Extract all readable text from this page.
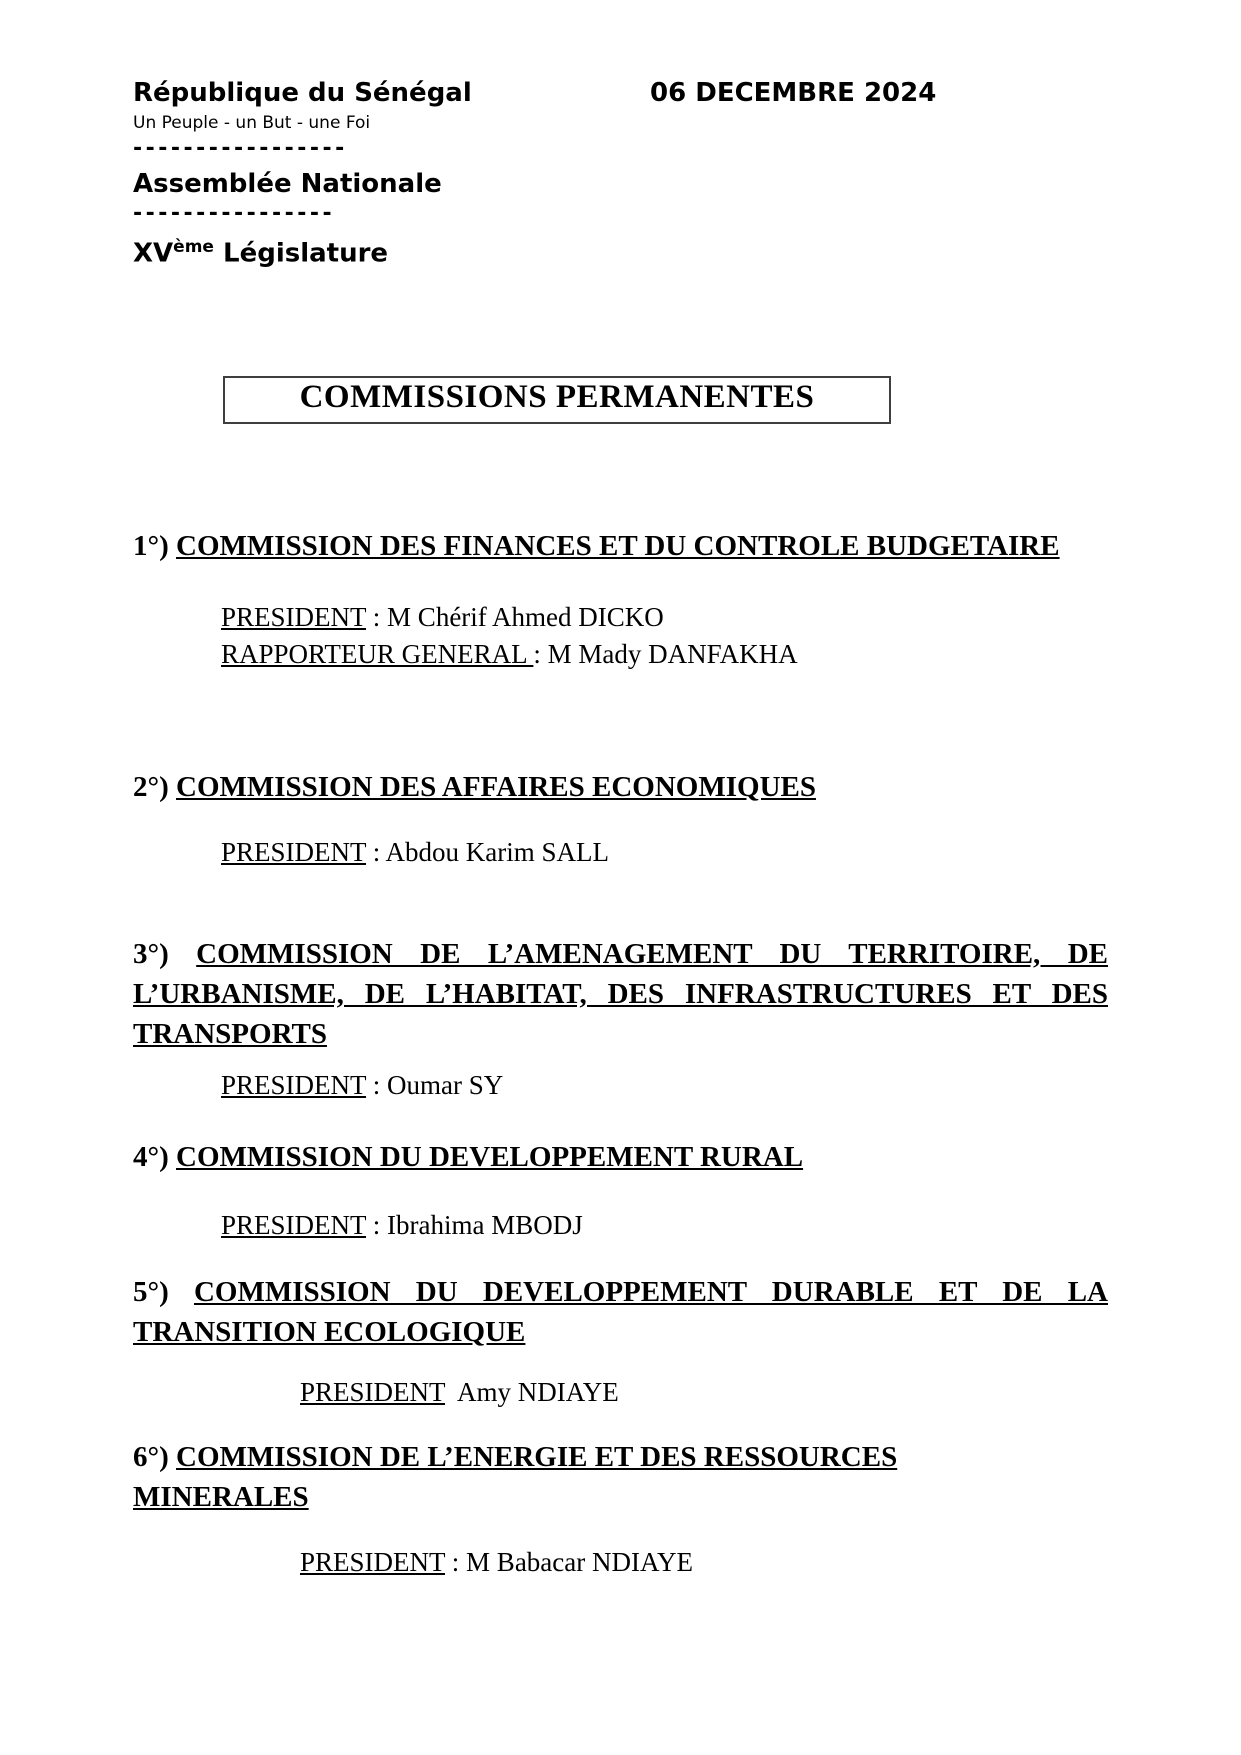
République du Sénégal	06 DECEMBRE 2024
Un Peuple - un But - une Foi
-----------------
Assemblée Nationale
----------------
XVème Législature
COMMISSIONS PERMANENTES
1°) COMMISSION DES FINANCES ET DU CONTROLE BUDGETAIRE
PRESIDENT : M Chérif Ahmed DICKO
RAPPORTEUR GENERAL : M Mady DANFAKHA
2°) COMMISSION DES AFFAIRES ECONOMIQUES
PRESIDENT : Abdou Karim SALL
3°) COMMISSION DE L’AMENAGEMENT DU TERRITOIRE, DE
L’URBANISME, DE L’HABITAT, DES INFRASTRUCTURES ET DES
TRANSPORTS
PRESIDENT : Oumar SY
4°) COMMISSION DU DEVELOPPEMENT RURAL
PRESIDENT : Ibrahima MBODJ
5°) COMMISSION DU DEVELOPPEMENT DURABLE ET DE LA
TRANSITION ECOLOGIQUE
PRESIDENT Amy NDIAYE
6°) COMMISSION DE L’ENERGIE ET DES RESSOURCES
MINERALES
PRESIDENT : M Babacar NDIAYE
